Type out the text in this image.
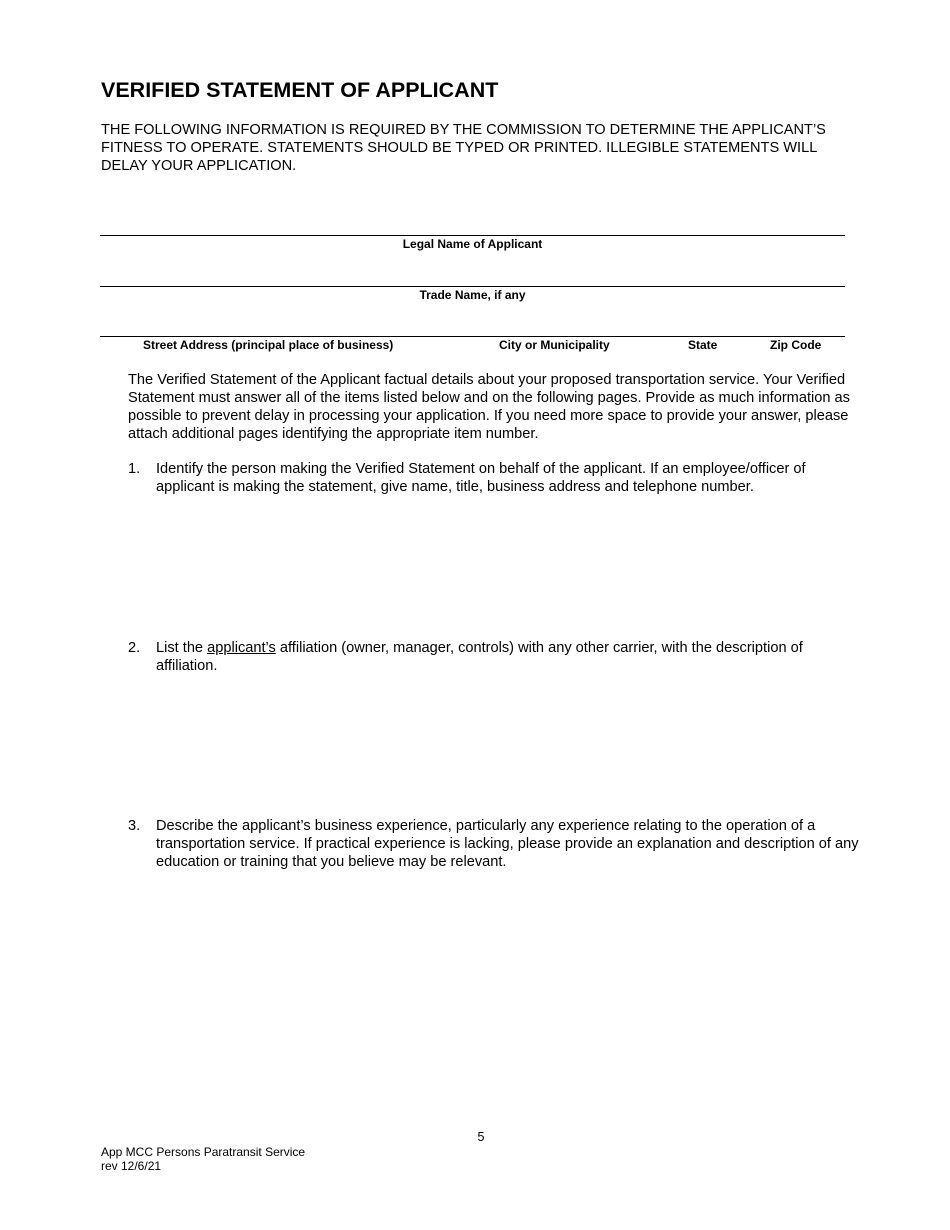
VERIFIED STATEMENT OF APPLICANT

THE FOLLOWING INFORMATION IS REQUIRED BY THE COMMISSION TO DETERMINE THE APPLICANT’S FITNESS TO OPERATE. STATEMENTS SHOULD BE TYPED OR PRINTED. ILLEGIBLE STATEMENTS WILL DELAY YOUR APPLICATION.

Legal Name of Applicant
Trade Name, if any
Street Address (principal place of business)	City or Municipality	State	Zip Code

The Verified Statement of the Applicant factual details about your proposed transportation service. Your Verified Statement must answer all of the items listed below and on the following pages. Provide as much information as possible to prevent delay in processing your application. If you need more space to provide your answer, please attach additional pages identifying the appropriate item number.

1. Identify the person making the Verified Statement on behalf of the applicant. If an employee/officer of applicant is making the statement, give name, title, business address and telephone number.
2. List the applicant’s affiliation (owner, manager, controls) with any other carrier, with the description of affiliation.
3. Describe the applicant’s business experience, particularly any experience relating to the operation of a transportation service. If practical experience is lacking, please provide an explanation and description of any education or training that you believe may be relevant.
5
App MCC Persons Paratransit Service
rev 12/6/21
